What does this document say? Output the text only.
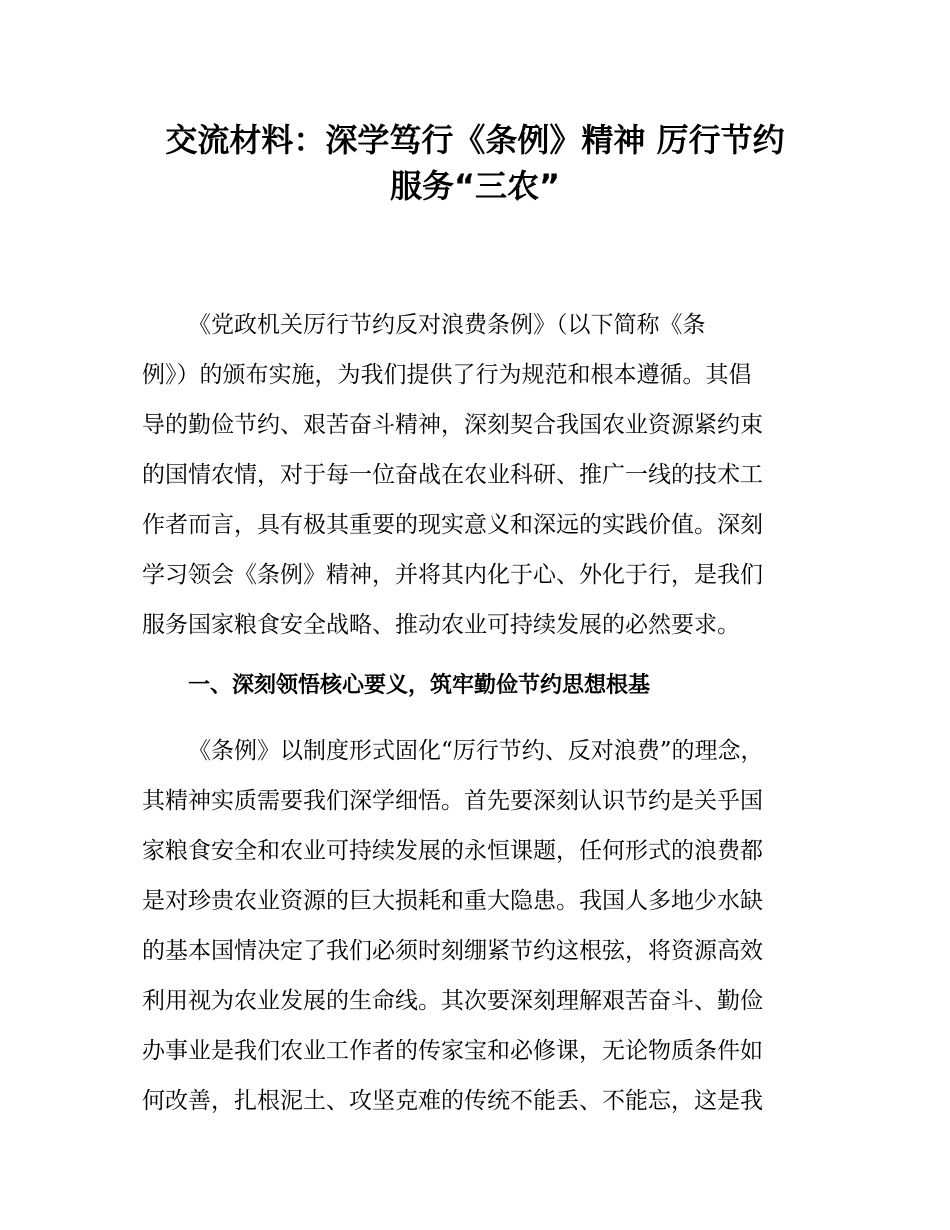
交流材料：深学笃行《条例》精神 厉行节约
服务“三农”
《党政机关厉行节约反对浪费条例》（以下简称《条
例》）的颁布实施，为我们提供了行为规范和根本遵循。其倡
导的勤俭节约、艰苦奋斗精神，深刻契合我国农业资源紧约束
的国情农情，对于每一位奋战在农业科研、推广一线的技术工
作者而言，具有极其重要的现实意义和深远的实践价值。深刻
学习领会《条例》精神，并将其内化于心、外化于行，是我们
服务国家粮食安全战略、推动农业可持续发展的必然要求。
一、深刻领悟核心要义，筑牢勤俭节约思想根基
《条例》以制度形式固化“厉行节约、反对浪费”的理念，
其精神实质需要我们深学细悟。首先要深刻认识节约是关乎国
家粮食安全和农业可持续发展的永恒课题，任何形式的浪费都
是对珍贵农业资源的巨大损耗和重大隐患。我国人多地少水缺
的基本国情决定了我们必须时刻绷紧节约这根弦，将资源高效
利用视为农业发展的生命线。其次要深刻理解艰苦奋斗、勤俭
办事业是我们农业工作者的传家宝和必修课，无论物质条件如
何改善，扎根泥土、攻坚克难的传统不能丢、不能忘，这是我
